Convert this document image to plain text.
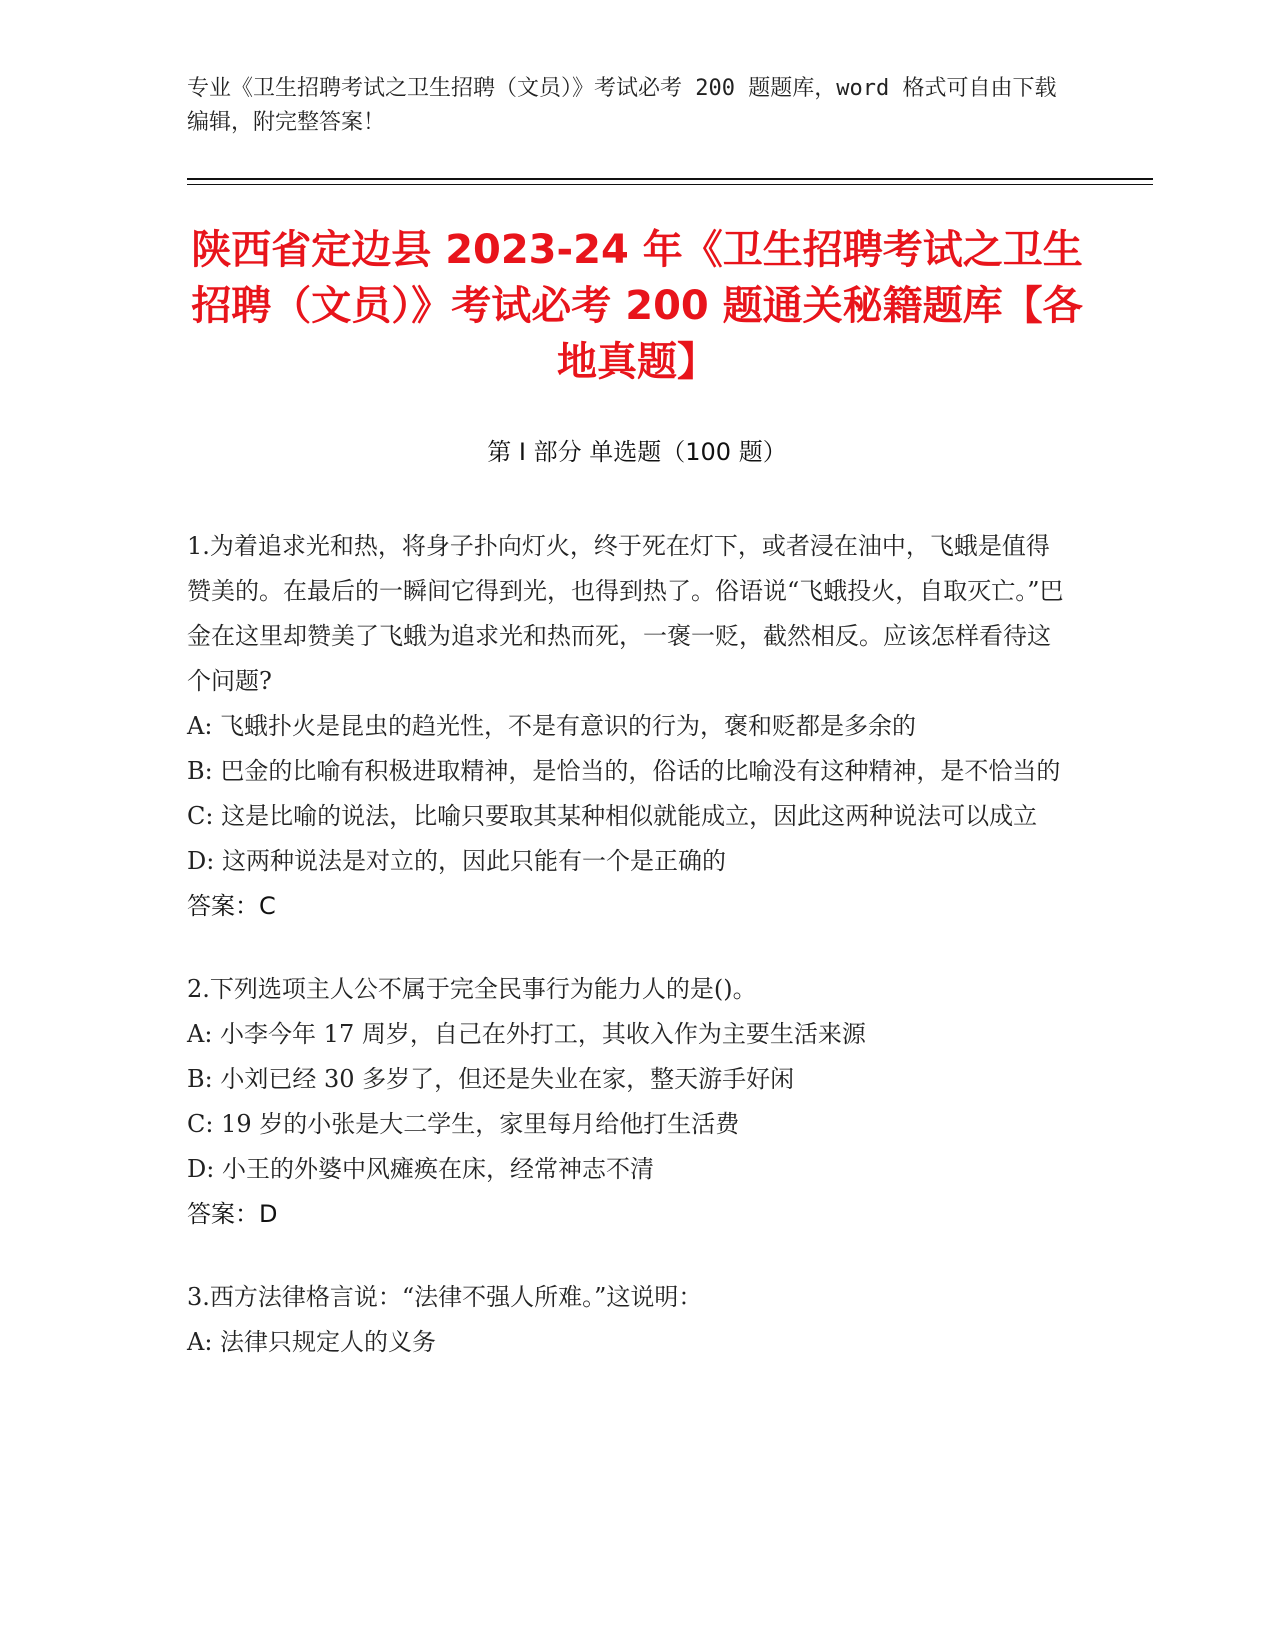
专业《卫生招聘考试之卫生招聘（文员）》考试必考 200 题题库，word 格式可自由下载编辑，附完整答案！

陕西省定边县 2023-24 年《卫生招聘考试之卫生招聘（文员）》考试必考 200 题通关秘籍题库【各地真题】
第 I 部分 单选题（100 题）

1.为着追求光和热，将身子扑向灯火，终于死在灯下，或者浸在油中，飞蛾是值得赞美的。在最后的一瞬间它得到光，也得到热了。俗语说“飞蛾投火，自取灭亡。”巴金在这里却赞美了飞蛾为追求光和热而死，一褒一贬，截然相反。应该怎样看待这个问题?

A: 飞蛾扑火是昆虫的趋光性，不是有意识的行为，褒和贬都是多余的

B: 巴金的比喻有积极进取精神，是恰当的，俗话的比喻没有这种精神，是不恰当的

C: 这是比喻的说法，比喻只要取其某种相似就能成立，因此这两种说法可以成立

D: 这两种说法是对立的，因此只能有一个是正确的

答案：C

2.下列选项主人公不属于完全民事行为能力人的是()。

A: 小李今年 17 周岁，自己在外打工，其收入作为主要生活来源

B: 小刘已经 30 多岁了，但还是失业在家，整天游手好闲

C: 19 岁的小张是大二学生，家里每月给他打生活费

D: 小王的外婆中风瘫痪在床，经常神志不清

答案：D

3.西方法律格言说：“法律不强人所难。”这说明：

A: 法律只规定人的义务
